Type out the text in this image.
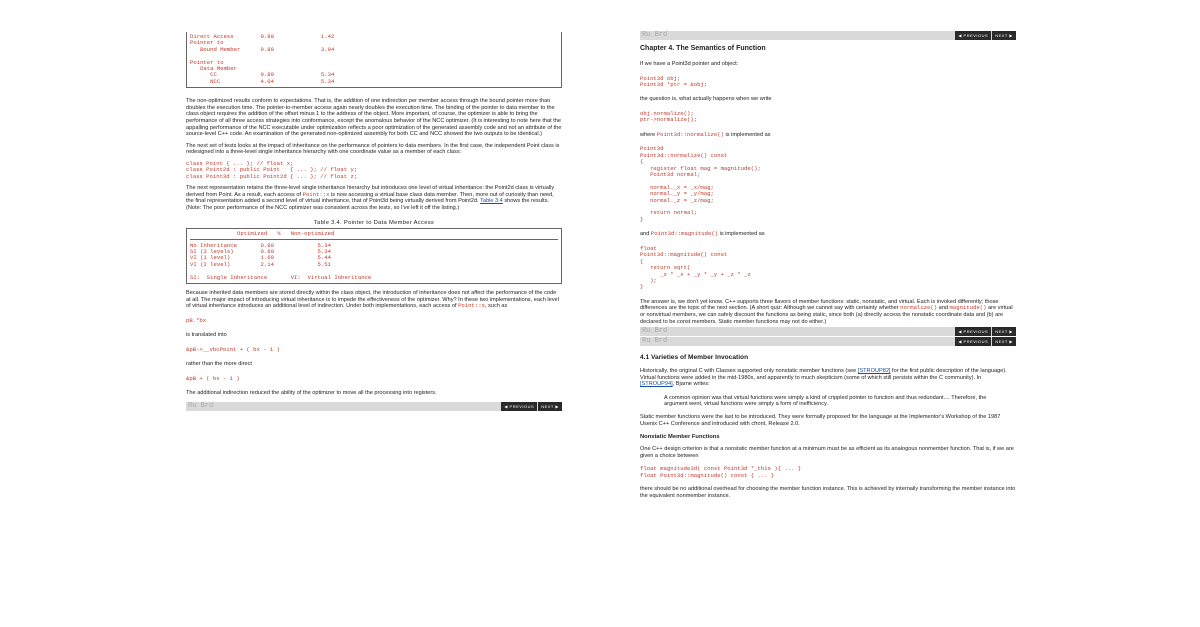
Direct Access        0.80              1.42
Pointer to
Bound Member      0.80              3.04

Pointer to
Data Member
CC             0.80              5.34
NCC            4.04              5.34

The non-optimized results conform to expectations. That is, the addition of one indirection per member access through the bound pointer more than doubles the execution time. The pointer-to-member access again nearly doubles the execution time. The binding of the pointer to data member to the class object requires the addition of the offset minus 1 to the address of the object. More important, of course, the optimizer is able to bring the performance of all three access strategies into conformance, except the anomalous behavior of the NCC optimizer. (It is interesting to note here that the appalling performance of the NCC executable under optimization reflects a poor optimization of the generated assembly code and not an attribute of the source-level C++ code. An examination of the generated non-optimized assembly for both CC and NCC showed the two outputs to be identical.)

The next set of tests looks at the impact of inheritance on the performance of pointers to data members. In the first case, the independent Point class is redesigned into a three-level single inheritance hierarchy with one coordinate value as a member of each class:

class Point { ... }; // float x;
class Point2d : public Point   { ... }; // float y;
class Point3d : public Point2d { ... }; // float z;

The next representation retains the three-level single inheritance hierarchy but introduces one level of virtual inheritance: the Point2d class is virtually derived from Point. As a result, each access of Point::x is now accessing a virtual base class data member. Then, more out of curiosity than need, the final representation added a second level of virtual inheritance, that of Point3d being virtually derived from Point2d. Table 3.4 shows the results. (Note: The poor performance of the NCC optimizer was consistent across the tests, so I've left it off the listing.)

Table 3.4. Pointer to Data Member Access
Optimized   %   Non-optimized
No Inheritance       0.80             5.34
SI (3 levels)        0.80             5.34
VI (1 level)         1.60             5.44
VI (2 level)         2.14             5.51

SI:  Single Inheritance       VI:  Virtual Inheritance

Because inherited data members are stored directly within the class object, the introduction of inheritance does not affect the performance of the code at all. The major impact of introducing virtual inheritance is to impede the effectiveness of the optimizer. Why? In these two implementations, each level of virtual inheritance introduces an additional level of indirection. Under both implementations, each access of Point::x, such as

pB.*bx

is translated into

&pB->__vbcPoint + ( bx - 1 )

rather than the more direct

&pB + ( bx - 1 )

The additional indirection reduced the ability of the optimizer to move all the processing into registers.

Ru Brd	◀ PREVIOUS	NEXT ▶
Ru Brd	◀ PREVIOUS	NEXT ▶
Chapter 4. The Semantics of Function

If we have a Point3d pointer and object:

Point3d obj;
Point3d *ptr = &obj;

the question is, what actually happens when we write

obj.normalize();
ptr->normalize();

where Point3d::normalize() is implemented as

Point3d
Point3d::normalize() const
{
register float mag = magnitude();
Point3d normal;

normal._x = _x/mag;
normal._y = _y/mag;
normal._z = _z/mag;

return normal;
}

and Point3d::magnitude() is implemented as

float
Point3d::magnitude() const
{
return sqrt(
_x * _x + _y * _y + _z * _z
);
}

The answer is, we don't yet know. C++ supports three flavors of member functions: static, nonstatic, and virtual. Each is invoked differently; those differences are the topic of the next section. (A short quiz: Although we cannot say with certainty whether normalize() and magnitude() are virtual or nonvirtual members, we can safely discount the functions as being static, since both (a) directly access the nonstatic coordinate data and (b) are declared to be const members. Static member functions may not do either.)

Ru Brd	◀ PREVIOUS	NEXT ▶
Ru Brd	◀ PREVIOUS	NEXT ▶
4.1 Varieties of Member Invocation

Historically, the original C with Classes supported only nonstatic member functions (see [STROUP82] for the first public description of the language). Virtual functions were added in the mid-1980s, and apparently to much skepticism (some of which still persists within the C community). In [STROUP94], Bjarne writes:

A common opinion was that virtual functions were simply a kind of crippled pointer to function and thus redundant.... Therefore, the argument went, virtual functions were simply a form of inefficiency.

Static member functions were the last to be introduced. They were formally proposed for the language at the Implementor's Workshop of the 1987 Usenix C++ Conference and introduced with cfront, Release 2.0.

Nonstatic Member Functions

One C++ design criterion is that a nonstatic member function at a minimum must be as efficient as its analogous nonmember function. That is, if we are given a choice between

float magnitude3d( const Point3d *_this ){ ... }
float Point3d::magnitude() const { ... }

there should be no additional overhead for choosing the member function instance. This is achieved by internally transforming the member instance into the equivalent nonmember instance.
